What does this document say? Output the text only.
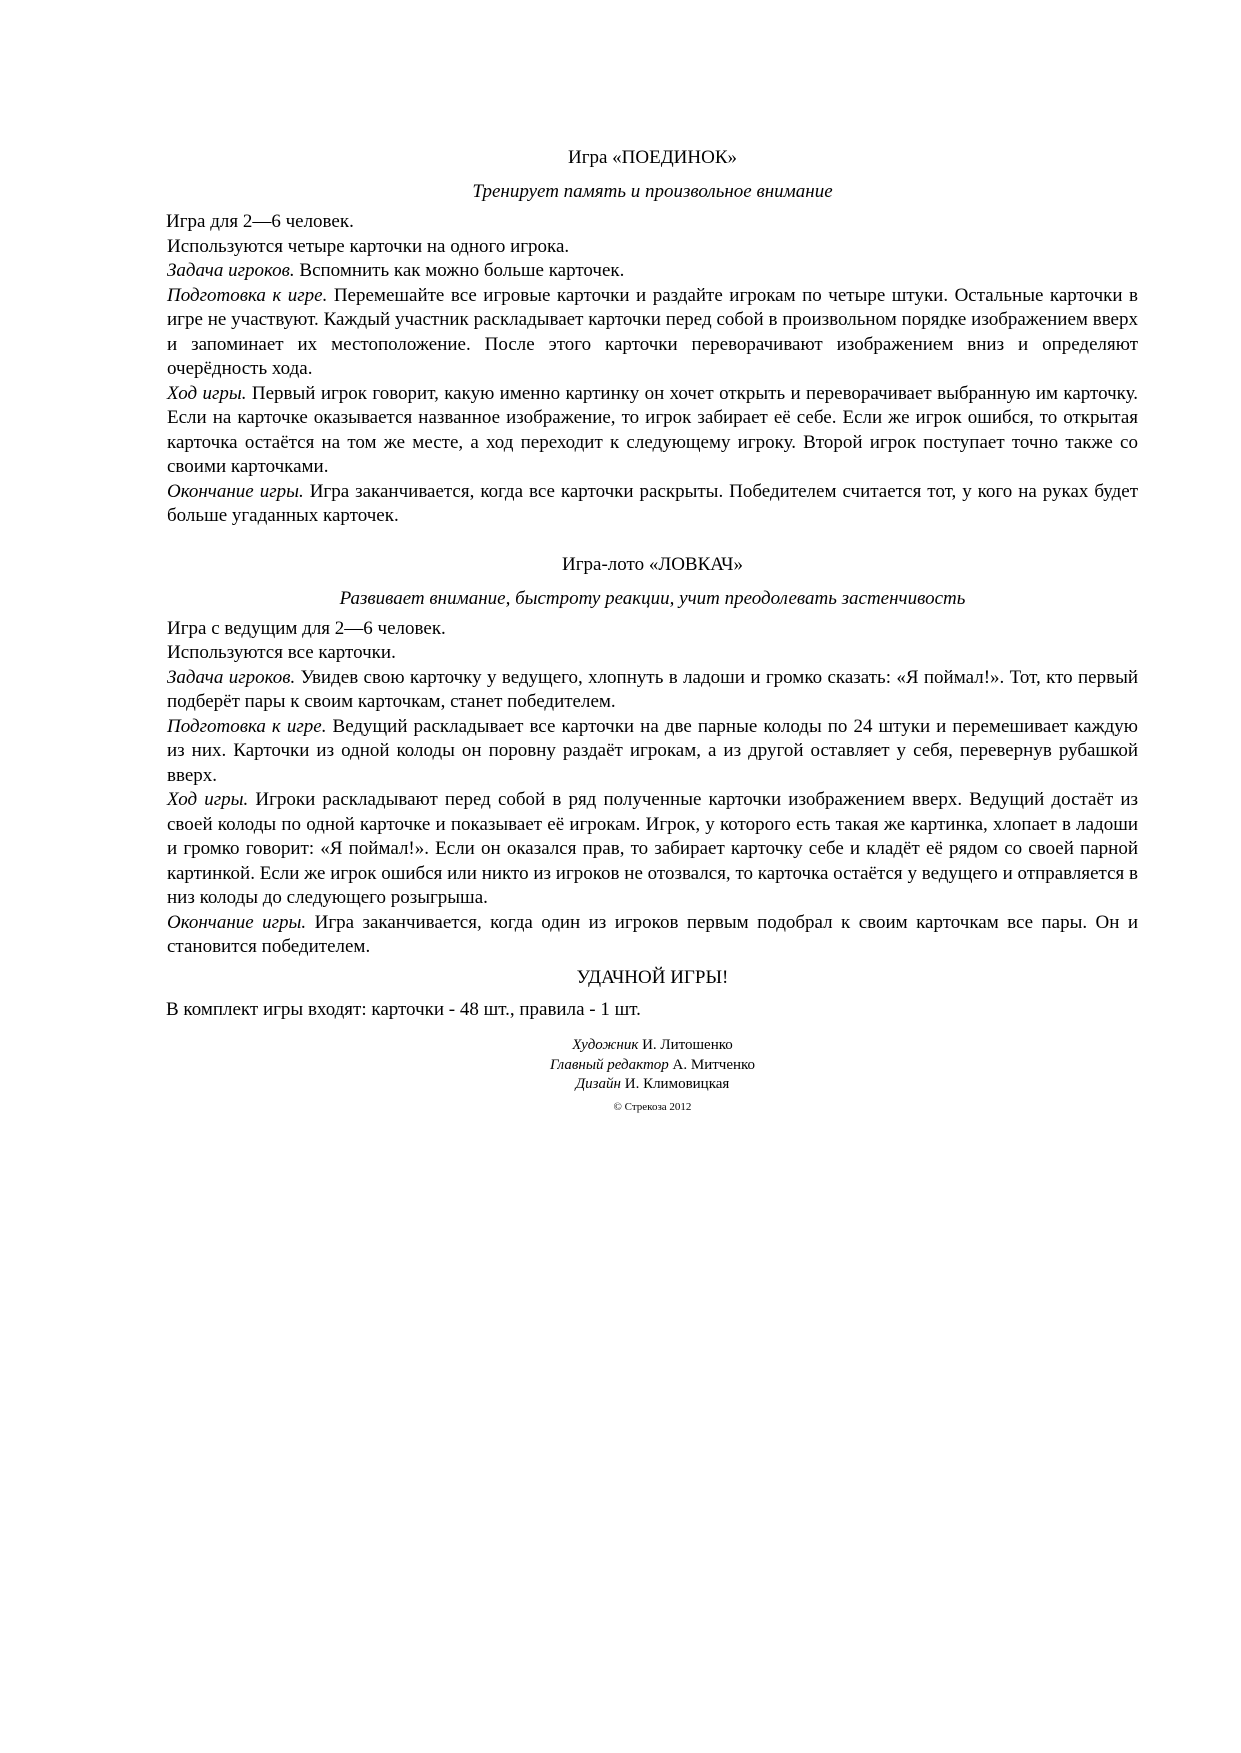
Игра «ПОЕДИНОК»

Тренирует память и произвольное внимание

Игра для 2—6 человек.

Используются четыре карточки на одного игрока.

Задача игроков. Вспомнить как можно больше карточек.

Подготовка к игре. Перемешайте все игровые карточки и раздайте игрокам по четыре штуки. Остальные карточки в игре не участвуют. Каждый участник раскладывает карточки перед собой в произвольном порядке изображением вверх и запоминает их местоположение. После этого карточки переворачивают изображением вниз и определяют очерёдность хода.

Ход игры. Первый игрок говорит, какую именно картинку он хочет открыть и переворачивает выбранную им карточку. Если на карточке оказывается названное изображение, то игрок забирает её себе. Если же игрок ошибся, то открытая карточка остаётся на том же месте, а ход переходит к следующему игроку. Второй игрок поступает точно также со своими карточками.

Окончание игры. Игра заканчивается, когда все карточки раскрыты. Победителем считается тот, у кого на руках будет больше угаданных карточек.

Игра-лото «ЛОВКАЧ»

Развивает внимание, быстроту реакции, учит преодолевать застенчивость

Игра с ведущим для 2—6 человек.

Используются все карточки.

Задача игроков. Увидев свою карточку у ведущего, хлопнуть в ладоши и громко сказать: «Я поймал!». Тот, кто первый подберёт пары к своим карточкам, станет победителем.

Подготовка к игре. Ведущий раскладывает все карточки на две парные колоды по 24 штуки и перемешивает каждую из них. Карточки из одной колоды он поровну раздаёт игрокам, а из другой оставляет у себя, перевернув рубашкой вверх.

Ход игры. Игроки раскладывают перед собой в ряд полученные карточки изображением вверх. Ведущий достаёт из своей колоды по одной карточке и показывает её игрокам. Игрок, у которого есть такая же картинка, хлопает в ладоши и громко говорит: «Я поймал!». Если он оказался прав, то забирает карточку себе и кладёт её рядом со своей парной картинкой. Если же игрок ошибся или никто из игроков не отозвался, то карточка остаётся у ведущего и отправляется в низ колоды до следующего розыгрыша.

Окончание игры. Игра заканчивается, когда один из игроков первым подобрал к своим карточкам все пары. Он и становится победителем.

УДАЧНОЙ ИГРЫ!

В комплект игры входят: карточки - 48 шт., правила - 1 шт.

Художник И. Литошенко
Главный редактор А. Митченко
Дизайн И. Климовицкая
© Стрекоза 2012
